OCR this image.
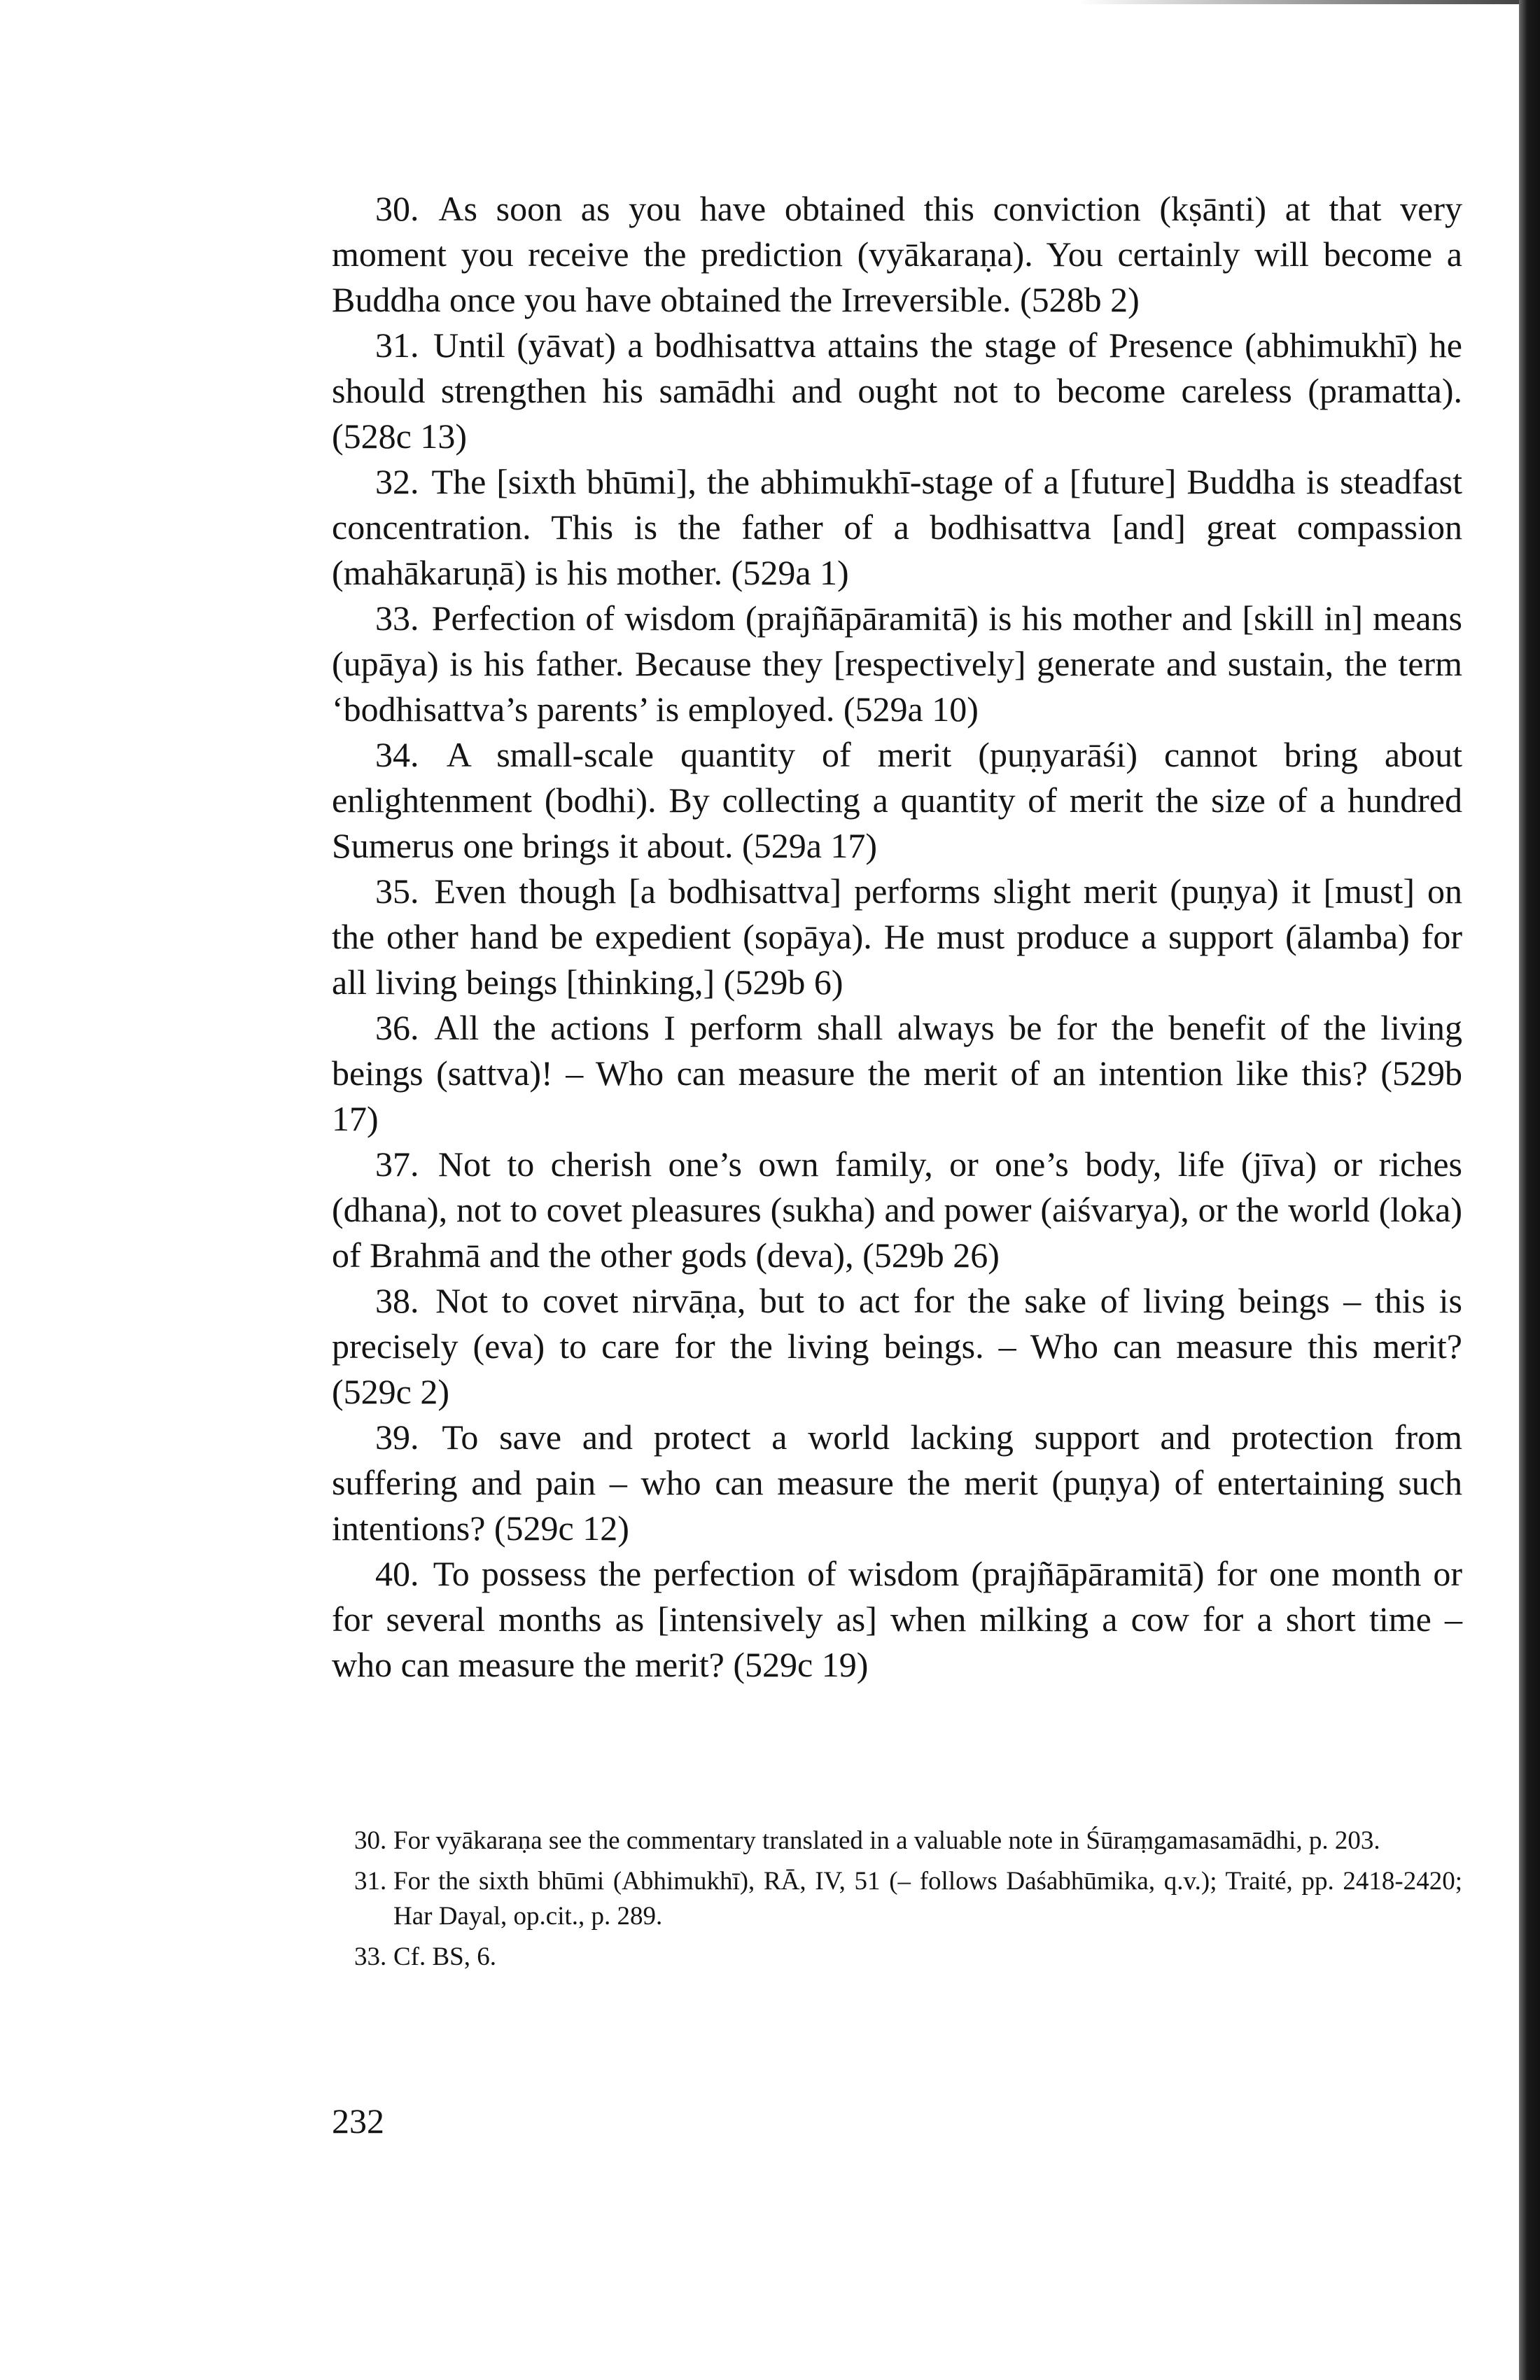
30. As soon as you have obtained this conviction (kṣānti) at that very moment you receive the prediction (vyākaraṇa). You certainly will become a Buddha once you have obtained the Irreversible. (528b 2)

31. Until (yāvat) a bodhisattva attains the stage of Presence (abhimukhī) he should strengthen his samādhi and ought not to become careless (pramatta). (528c 13)

32. The [sixth bhūmi], the abhimukhī-stage of a [future] Buddha is steadfast concentration. This is the father of a bodhisattva [and] great compassion (mahākaruṇā) is his mother. (529a 1)

33. Perfection of wisdom (prajñāpāramitā) is his mother and [skill in] means (upāya) is his father. Because they [respectively] generate and sustain, the term ‘bodhisattva’s parents’ is employed. (529a 10)

34. A small-scale quantity of merit (puṇyarāśi) cannot bring about enlightenment (bodhi). By collecting a quantity of merit the size of a hundred Sumerus one brings it about. (529a 17)

35. Even though [a bodhisattva] performs slight merit (puṇya) it [must] on the other hand be expedient (sopāya). He must produce a support (ālamba) for all living beings [thinking,] (529b 6)

36. All the actions I perform shall always be for the benefit of the living beings (sattva)! – Who can measure the merit of an intention like this? (529b 17)

37. Not to cherish one’s own family, or one’s body, life (jīva) or riches (dhana), not to covet pleasures (sukha) and power (aiśvarya), or the world (loka) of Brahmā and the other gods (deva), (529b 26)

38. Not to covet nirvāṇa, but to act for the sake of living beings – this is precisely (eva) to care for the living beings. – Who can measure this merit? (529c 2)

39. To save and protect a world lacking support and protection from suffering and pain – who can measure the merit (puṇya) of entertaining such intentions? (529c 12)

40. To possess the perfection of wisdom (prajñāpāramitā) for one month or for several months as [intensively as] when milking a cow for a short time – who can measure the merit? (529c 19)

30. For vyākaraṇa see the commentary translated in a valuable note in Śūraṃgamasamādhi, p. 203.

31. For the sixth bhūmi (Abhimukhī), RĀ, IV, 51 (– follows Daśabhūmika, q.v.); Traité, pp. 2418-2420; Har Dayal, op.cit., p. 289.

33. Cf. BS, 6.

232
